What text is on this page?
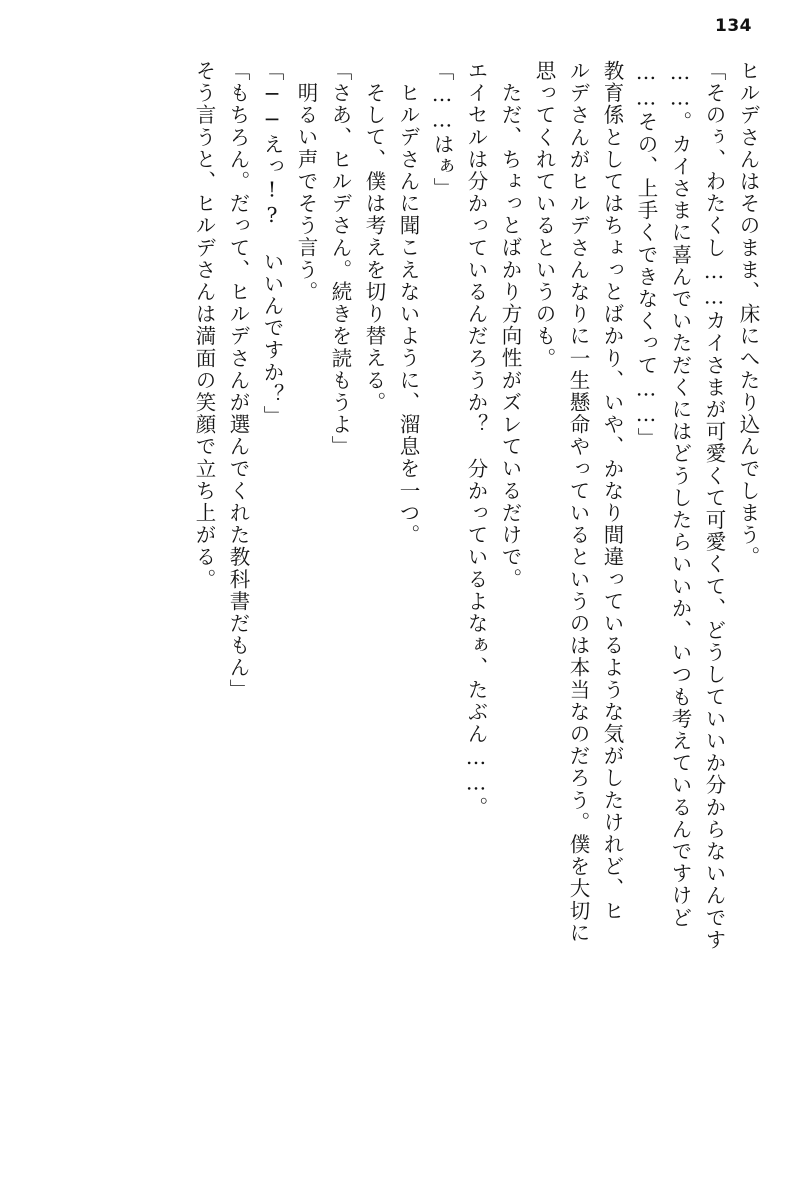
134
ヒルデさんはそのまま、床にへたり込んでしまう。
「そのぅ、わたくし……カイさまが可愛くて可愛くて、どうしていいか分からないんです
……。カイさまに喜んでいただくにはどうしたらいいか、いつも考えているんですけど
……その、上手くできなくって……」
教育係としてはちょっとばかり、いや、かなり間違っているような気がしたけれど、ヒ
ルデさんがヒルデさんなりに一生懸命やっているというのは本当なのだろう。僕を大切に
思ってくれているというのも。
ただ、ちょっとばかり方向性がズレているだけで。
エイセルは分かっているんだろうか？　分かっているよなぁ、たぶん……。
「……はぁ」
ヒルデさんに聞こえないように、溜息を一つ。
そして、僕は考えを切り替える。
「さあ、ヒルデさん。続きを読もうよ」
明るい声でそう言う。
「──えっ!?　いいんですか？」
「もちろん。だって、ヒルデさんが選んでくれた教科書だもん」
そう言うと、ヒルデさんは満面の笑顔で立ち上がる。
